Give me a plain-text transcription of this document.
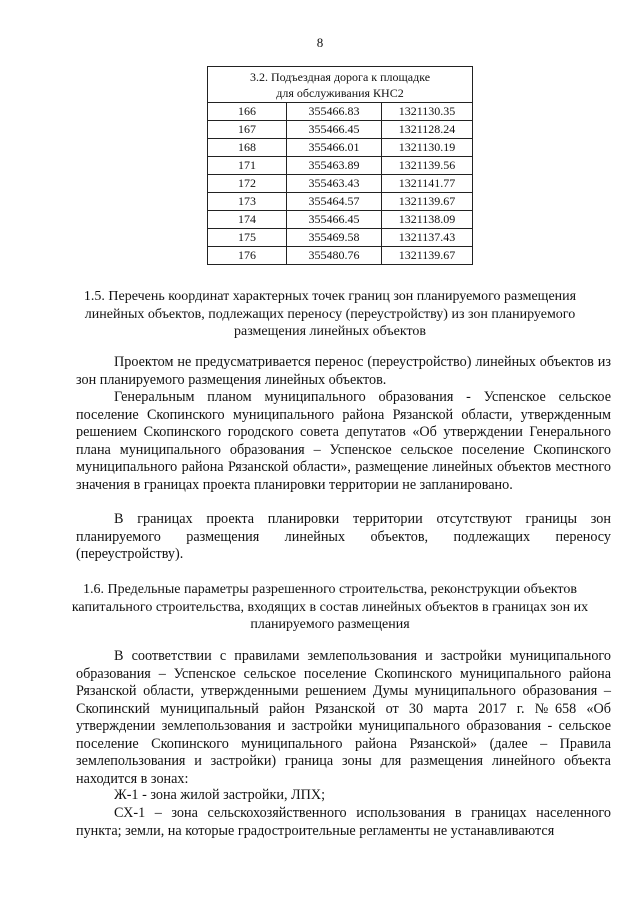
8
3.2. Подъездная дорога к площадке
для обслуживания КНС2		
166	355466.83	1321130.35
167	355466.45	1321128.24
168	355466.01	1321130.19
171	355463.89	1321139.56
172	355463.43	1321141.77
173	355464.57	1321139.67
174	355466.45	1321138.09
175	355469.58	1321137.43
176	355480.76	1321139.67
1.5. Перечень координат характерных точек границ зон планируемого размещения линейных объектов, подлежащих переносу (переустройству) из зон планируемого размещения линейных объектов
Проектом не предусматривается перенос (переустройство) линейных объектов из зон планируемого размещения линейных объектов.
Генеральным планом муниципального образования - Успенское сельское поселение Скопинского муниципального района Рязанской области, утвержденным решением Скопинского городского совета депутатов «Об утверждении Генерального плана муниципального образования – Успенское сельское поселение Скопинского муниципального района Рязанской области», размещение линейных объектов местного значения в границах проекта планировки территории не запланировано.
В границах проекта планировки территории отсутствуют границы зон планируемого размещения линейных объектов, подлежащих переносу (переустройству).
1.6. Предельные параметры разрешенного строительства, реконструкции объектов капитального строительства, входящих в состав линейных объектов в границах зон их планируемого размещения
В соответствии с правилами землепользования и застройки муниципального образования – Успенское сельское поселение Скопинского муниципального района Рязанской области, утвержденными решением Думы муниципального образования – Скопинский муниципальный район Рязанской от 30 марта 2017 г. №658 «Об утверждении землепользования и застройки муниципального образования - сельское поселение Скопинского муниципального района Рязанской» (далее – Правила землепользования и застройки) граница зоны для размещения линейного объекта находится в зонах:
Ж-1 - зона жилой застройки, ЛПХ;
СХ-1 – зона сельскохозяйственного использования в границах населенного пункта; земли, на которые градостроительные регламенты не устанавливаются
